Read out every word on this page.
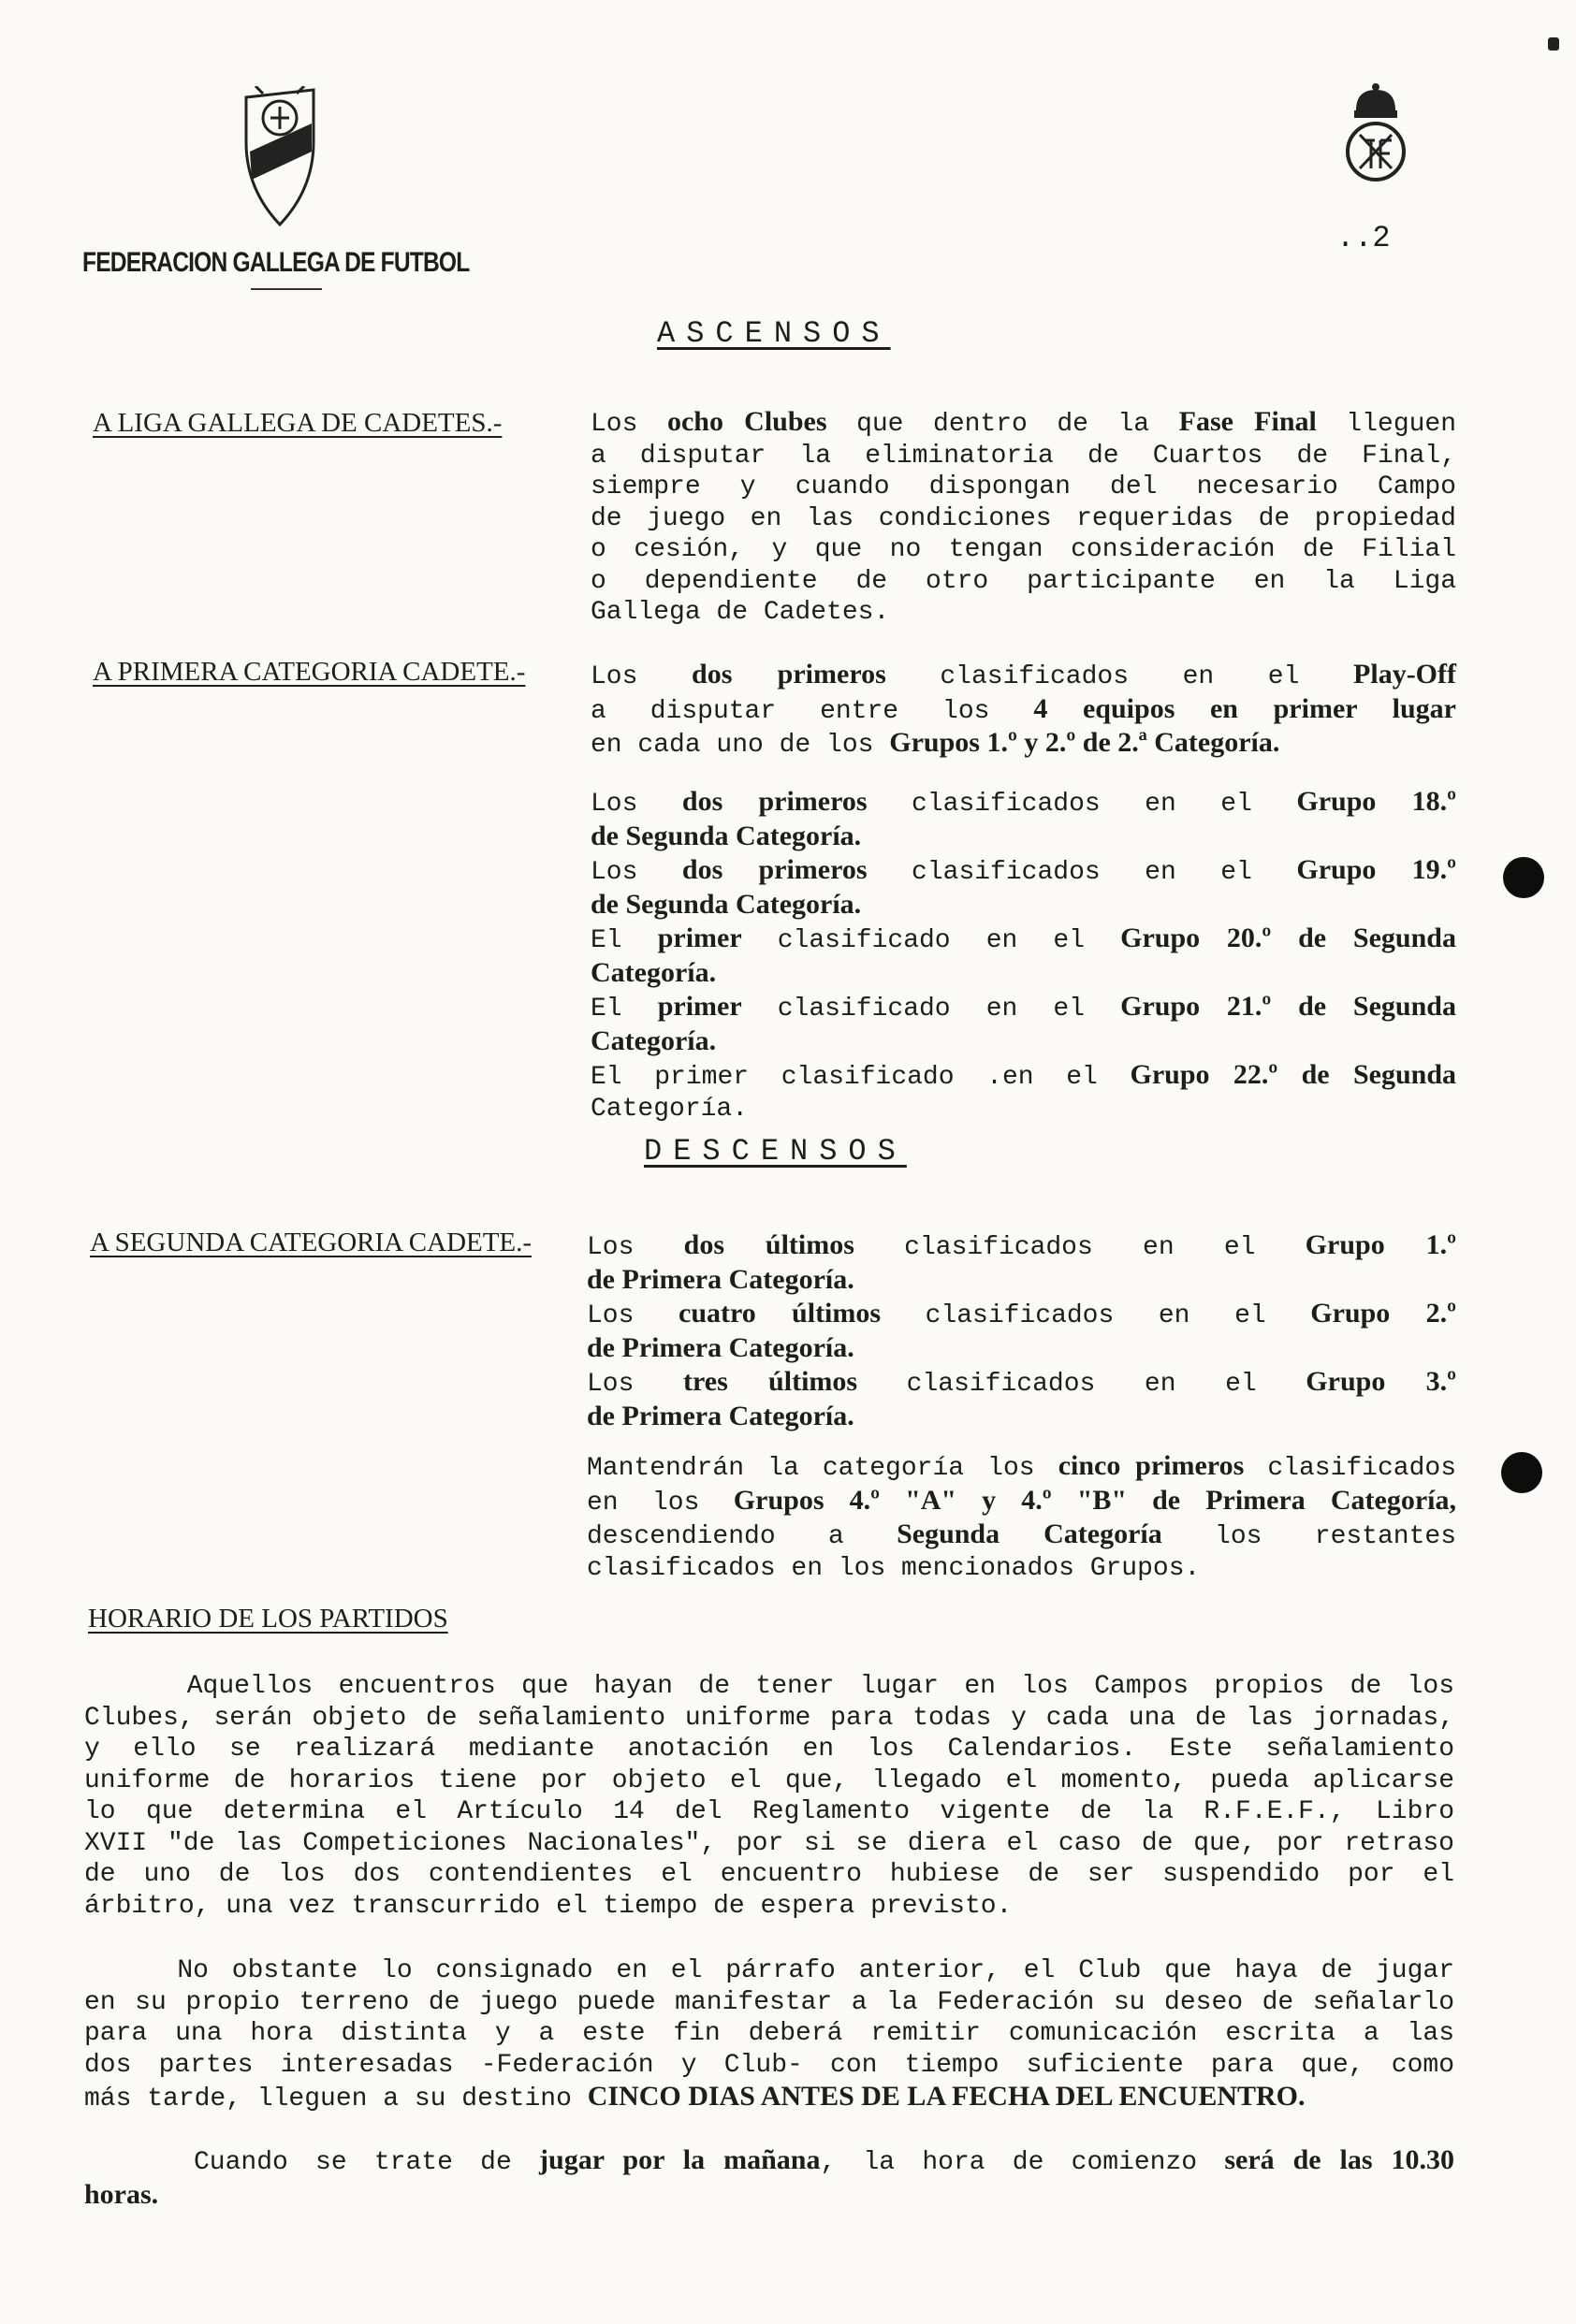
FEDERACION GALLEGA DE FUTBOL
..2
ASCENSOS
A LIGA GALLEGA DE CADETES.-	Los ocho Clubes que dentro de la Fase Final lleguen
a disputar la eliminatoria de Cuartos de Final,
siempre y cuando dispongan del necesario Campo
de juego en las condiciones requeridas de propiedad
o cesión, y que no tengan consideración de Filial
o dependiente de otro participante en la Liga
Gallega de Cadetes.
A PRIMERA CATEGORIA CADETE.- Los dos primeros clasificados en el Play-Off
a disputar entre los 4 equipos en primer lugar
en cada uno de los Grupos 1.º y 2.º de 2.ª Categoría.
Los dos primeros clasificados en el Grupo 18.º
de Segunda Categoría.
Los dos primeros clasificados en el Grupo 19.º
de Segunda Categoría.
El primer clasificado en el Grupo 20.º de Segunda
Categoría.
El primer clasificado en el Grupo 21.º de Segunda
Categoría.
El primer clasificado .en el Grupo 22.º de Segunda
Categoría.
DESCENSOS
A SEGUNDA CATEGORIA CADETE.- Los dos últimos clasificados en el Grupo 1.º
de Primera Categoría.
Los cuatro últimos clasificados en el Grupo 2.º
de Primera Categoría.
Los tres últimos clasificados en el Grupo 3.º
de Primera Categoría.
Mantendrán la categoría los cinco primeros clasificados
en los Grupos 4.º "A" y 4.º "B" de Primera Categoría,
descendiendo a Segunda Categoría los restantes
clasificados en los mencionados Grupos.
HORARIO DE LOS PARTIDOS
Aquellos encuentros que hayan de tener lugar en los Campos propios de los
Clubes, serán objeto de señalamiento uniforme para todas y cada una de las jornadas,
y ello se realizará mediante anotación en los Calendarios. Este señalamiento
uniforme de horarios tiene por objeto el que, llegado el momento, pueda aplicarse
lo que determina el Artículo 14 del Reglamento vigente de la R.F.E.F., Libro
XVII "de las Competiciones Nacionales", por si se diera el caso de que, por retraso
de uno de los dos contendientes el encuentro hubiese de ser suspendido por el
árbitro, una vez transcurrido el tiempo de espera previsto.
No obstante lo consignado en el párrafo anterior, el Club que haya de jugar
en su propio terreno de juego puede manifestar a la Federación su deseo de señalarlo
para una hora distinta y a este fin deberá remitir comunicación escrita a las
dos partes interesadas -Federación y Club- con tiempo suficiente para que, como
más tarde, lleguen a su destino CINCO DIAS ANTES DE LA FECHA DEL ENCUENTRO.
Cuando se trate de jugar por la mañana, la hora de comienzo será de las 10.30
horas.
